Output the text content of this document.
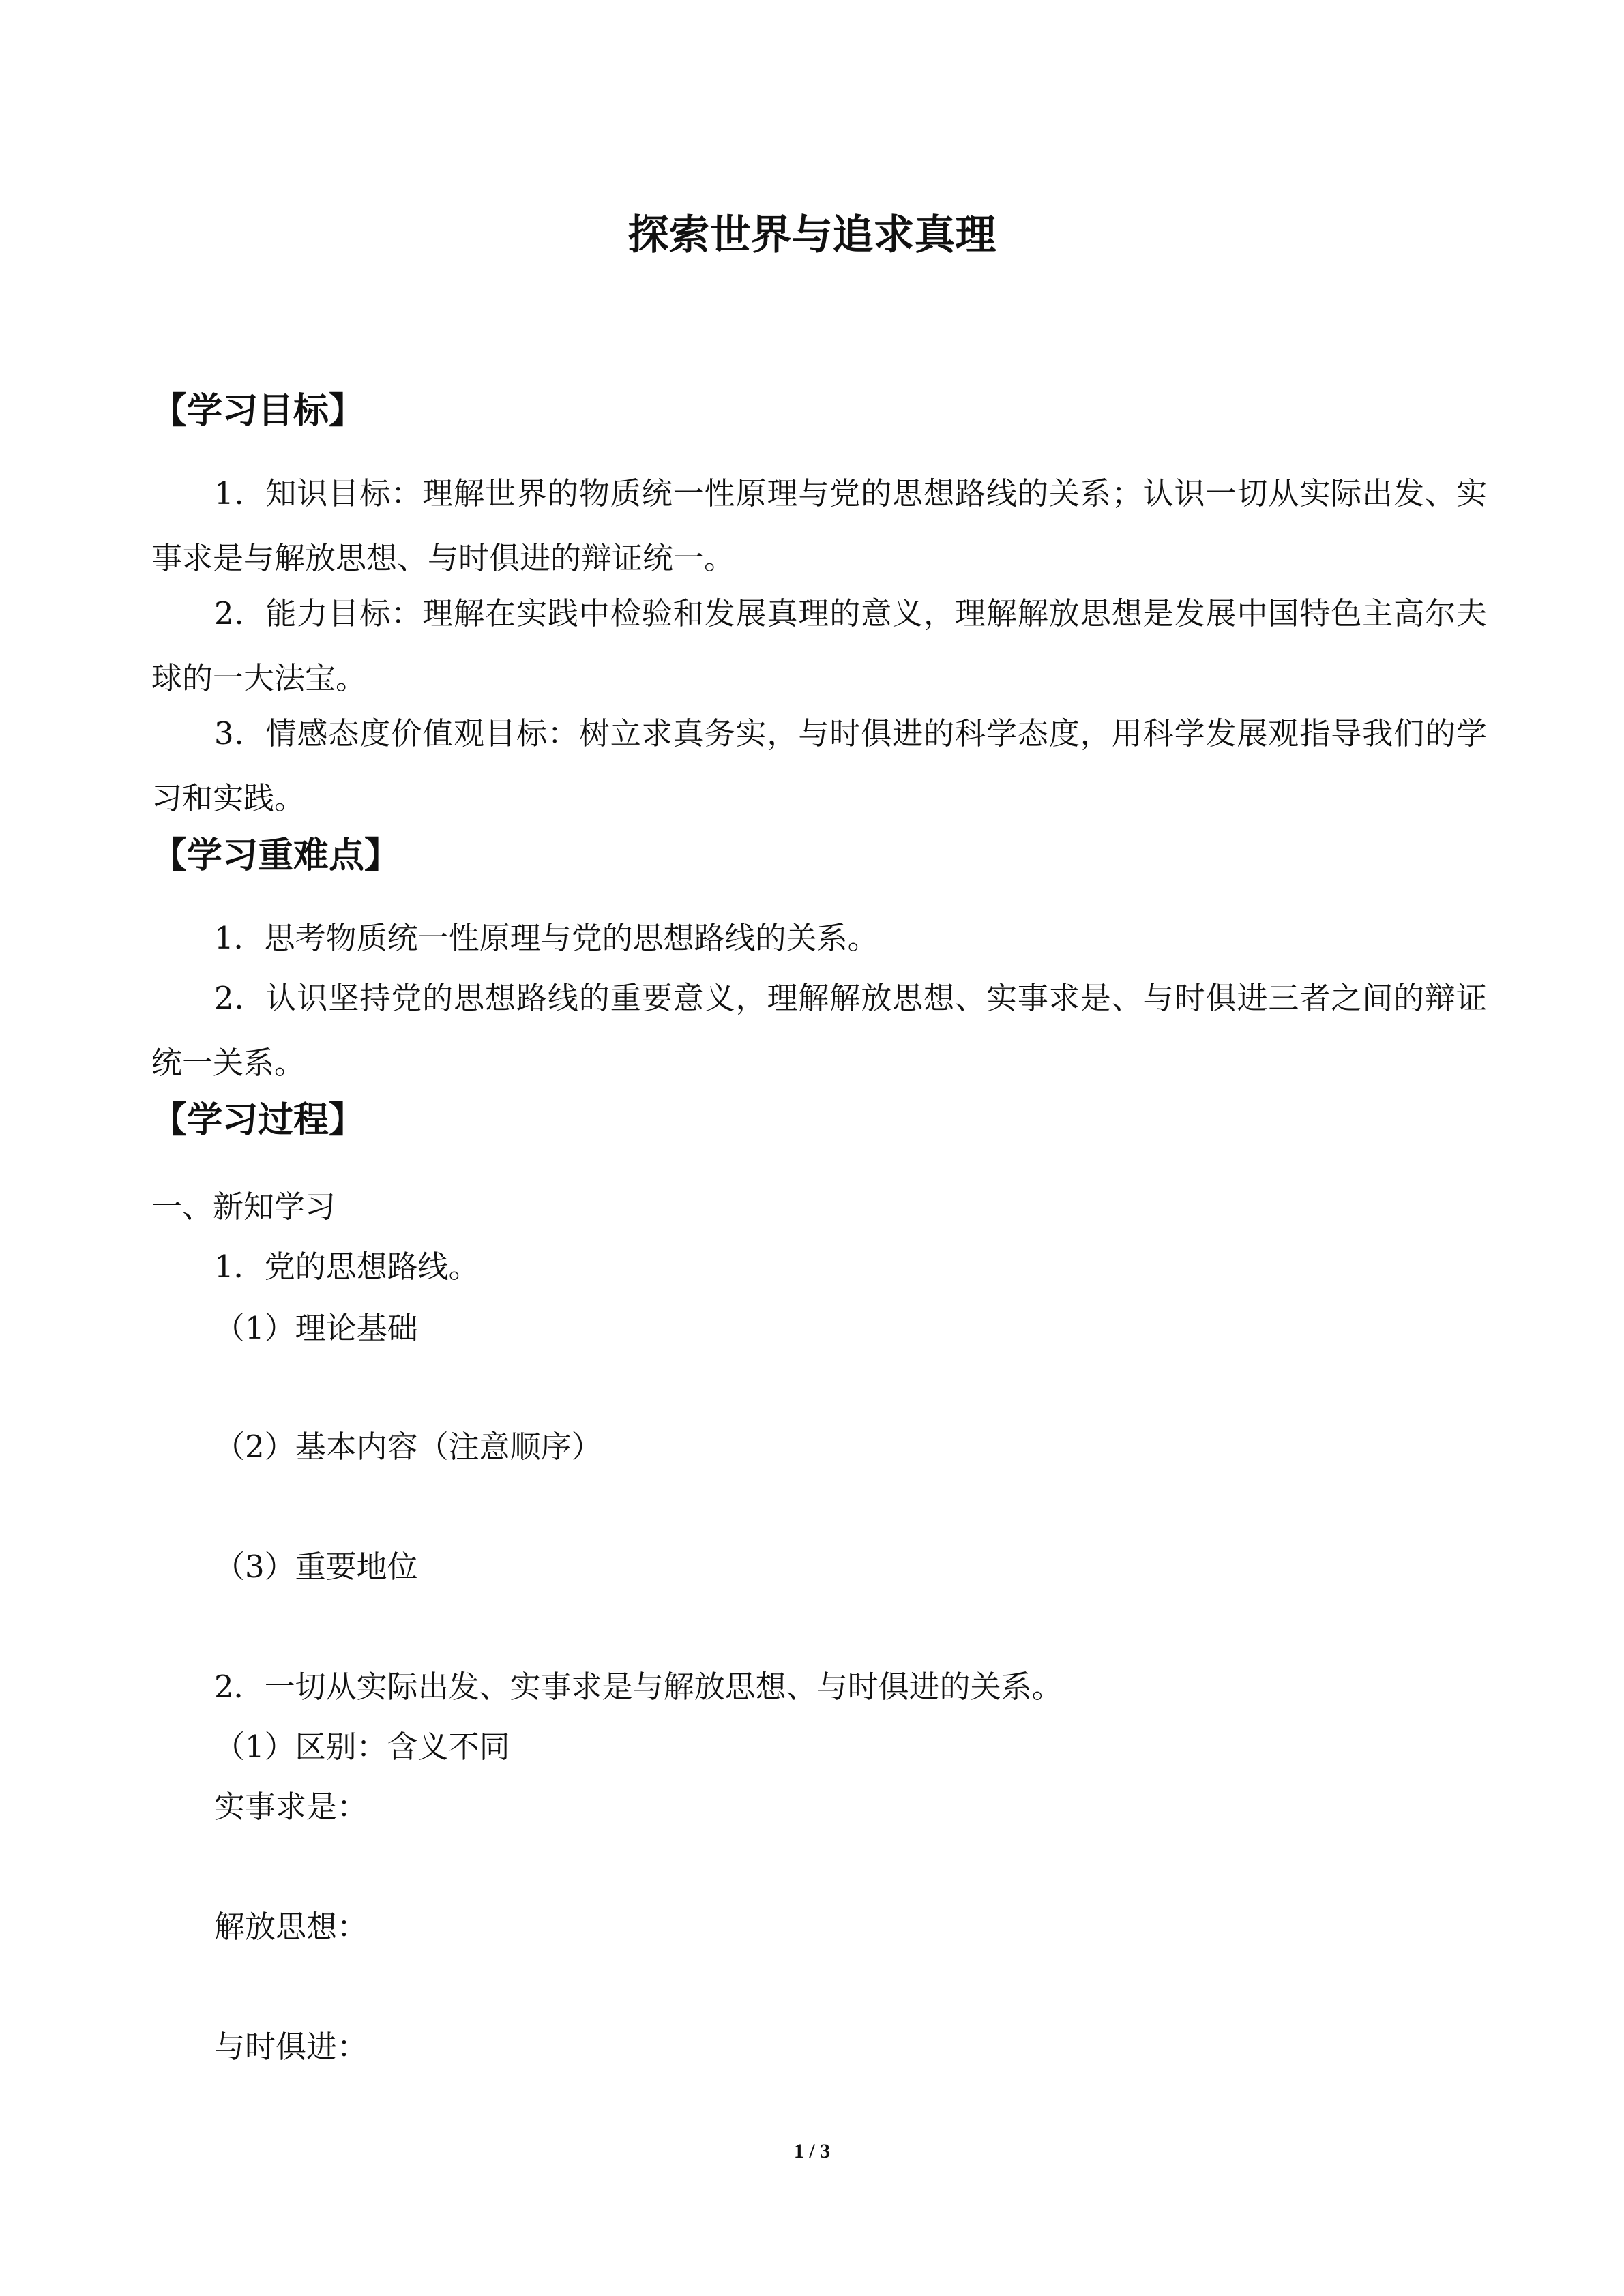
探索世界与追求真理
【学习目标】

1．知识目标：理解世界的物质统一性原理与党的思想路线的关系；认识一切从实际出发、实事求是与解放思想、与时俱进的辩证统一。

2．能力目标：理解在实践中检验和发展真理的意义，理解解放思想是发展中国特色主高尔夫球的一大法宝。

3．情感态度价值观目标：树立求真务实，与时俱进的科学态度，用科学发展观指导我们的学习和实践。

【学习重难点】

1．思考物质统一性原理与党的思想路线的关系。

2．认识坚持党的思想路线的重要意义，理解解放思想、实事求是、与时俱进三者之间的辩证统一关系。

【学习过程】

一、新知学习

1．党的思想路线。

（1）理论基础

（2）基本内容（注意顺序）

（3）重要地位

2．一切从实际出发、实事求是与解放思想、与时俱进的关系。

（1）区别：含义不同

实事求是：

解放思想：

与时俱进：

1 / 3
